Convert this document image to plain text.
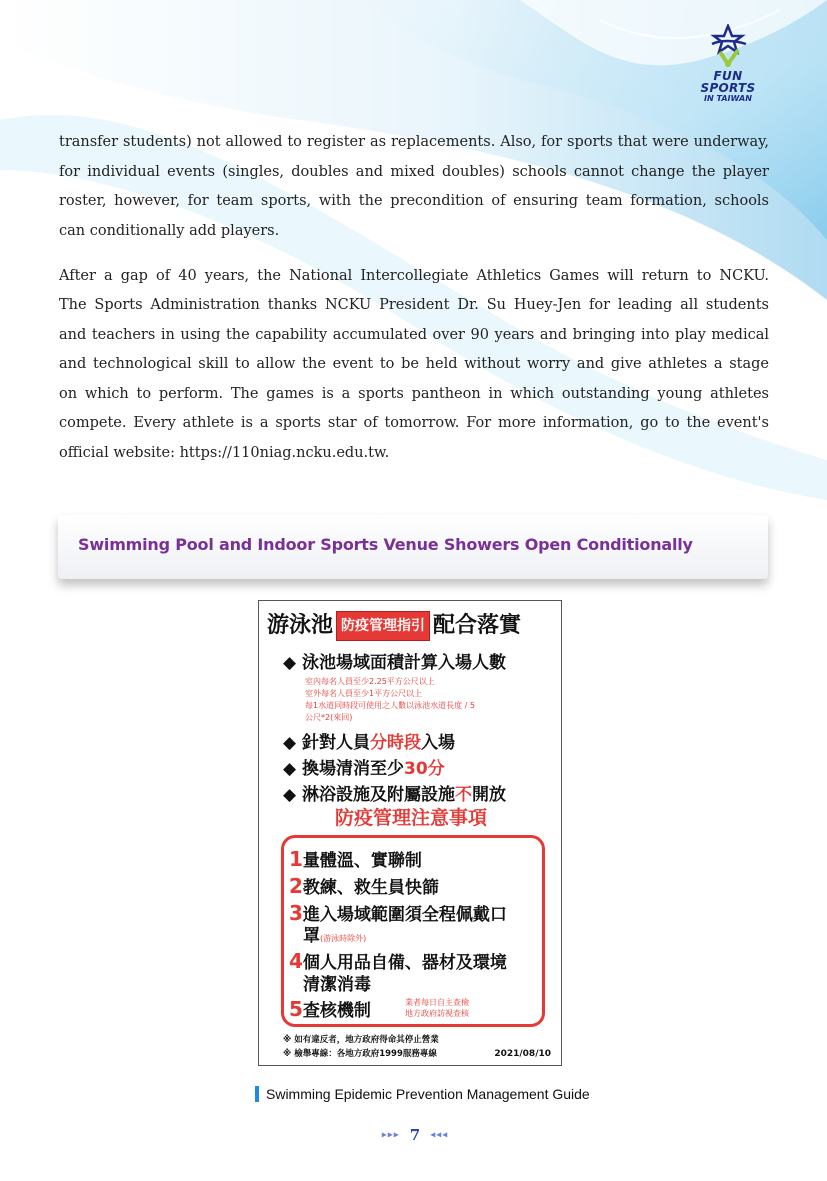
FUN SPORTS
IN TAIWAN
transfer students) not allowed to register as replacements. Also, for sports that were underway,
for individual events (singles, doubles and mixed doubles) schools cannot change the player
roster, however, for team sports, with the precondition of ensuring team formation, schools
can conditionally add players.
After a gap of 40 years, the National Intercollegiate Athletics Games will return to NCKU.
The Sports Administration thanks NCKU President Dr. Su Huey-Jen for leading all students
and teachers in using the capability accumulated over 90 years and bringing into play medical
and technological skill to allow the event to be held without worry and give athletes a stage
on which to perform. The games is a sports pantheon in which outstanding young athletes
compete. Every athlete is a sports star of tomorrow. For more information, go to the event's
official website: https://110niag.ncku.edu.tw.
Swimming Pool and Indoor Sports Venue Showers Open Conditionally
游泳池 防疫管理指引 配合落實
◆ 泳池場域面積計算入場人數
室內每名人員至少2.25平方公尺以上
室外每名人員至少1平方公尺以上
每1水道同時段可使用之人數以泳池水道長度 / 5
公尺*2(來回)
◆ 針對人員分時段入場
◆ 換場清消至少30分
◆ 淋浴設施及附屬設施不開放
防疫管理注意事項
1量體溫、實聯制
2教練、救生員快篩
3進入場域範圍須全程佩戴口
罩(游泳時除外)
4個人用品自備、器材及環境
清潔消毒
5查核機制	業者每日自主查檢
地方政府訪視查核
※ 如有違反者，地方政府得命其停止營業
※ 檢舉專線：各地方政府1999服務專線	2021/08/10
Swimming Epidemic Prevention Management Guide
▸▸▸ 7 ◂◂◂
